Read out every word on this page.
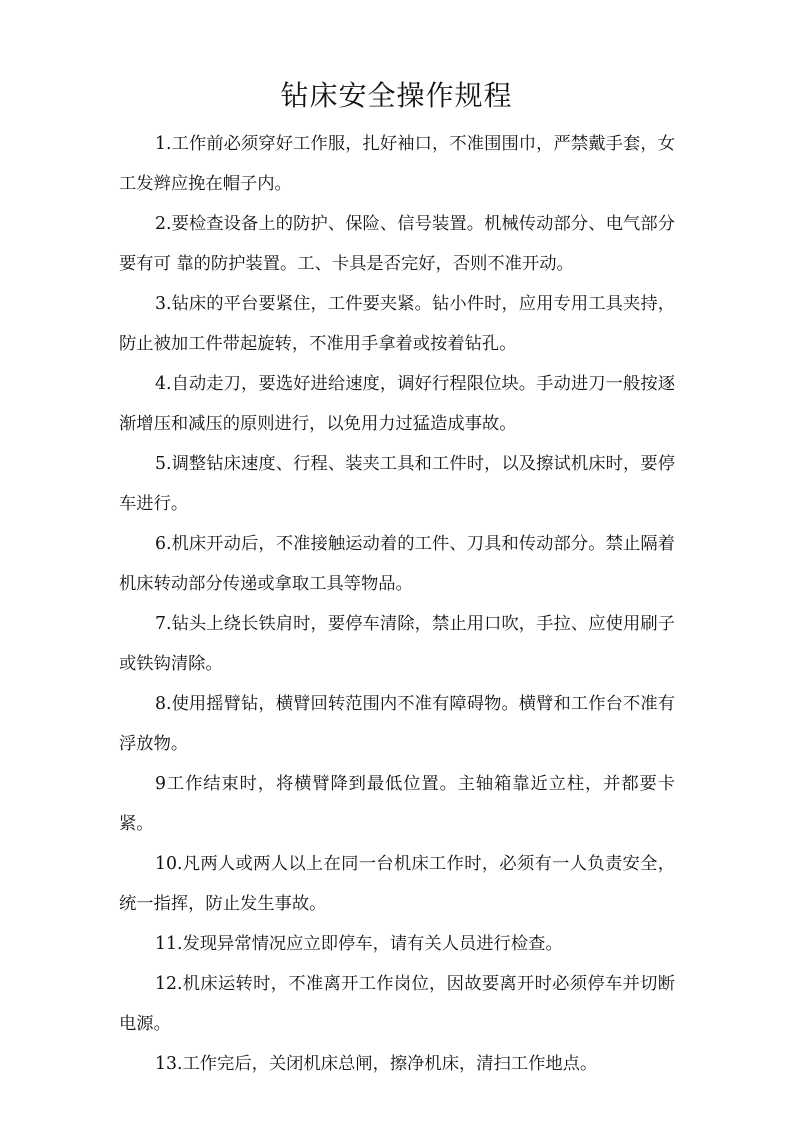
钻床安全操作规程

1.工作前必须穿好工作服，扎好袖口，不准围围巾，严禁戴手套，女工发辫应挽在帽子内。

2.要检查设备上的防护、保险、信号装置。机械传动部分、电气部分要有可 靠的防护装置。工、卡具是否完好，否则不准开动。

3.钻床的平台要紧住，工件要夹紧。钻小件时，应用专用工具夹持，防止被加工件带起旋转，不准用手拿着或按着钻孔。

4.自动走刀，要选好进给速度，调好行程限位块。手动进刀一般按逐渐增压和减压的原则进行，以免用力过猛造成事故。

5.调整钻床速度、行程、装夹工具和工件时，以及擦试机床时，要停车进行。

6.机床开动后，不准接触运动着的工件、刀具和传动部分。禁止隔着机床转动部分传递或拿取工具等物品。

7.钻头上绕长铁肩时，要停车清除，禁止用口吹，手拉、应使用刷子或铁钩清除。

8.使用摇臂钻，横臂回转范围内不准有障碍物。横臂和工作台不准有浮放物。

9工作结束时，将横臂降到最低位置。主轴箱靠近立柱，并都要卡紧。

10.凡两人或两人以上在同一台机床工作时，必须有一人负责安全，统一指挥，防止发生事故。

11.发现异常情况应立即停车，请有关人员进行检查。

12.机床运转时，不准离开工作岗位，因故要离开时必须停车并切断电源。

13.工作完后，关闭机床总闸，擦净机床，清扫工作地点。
